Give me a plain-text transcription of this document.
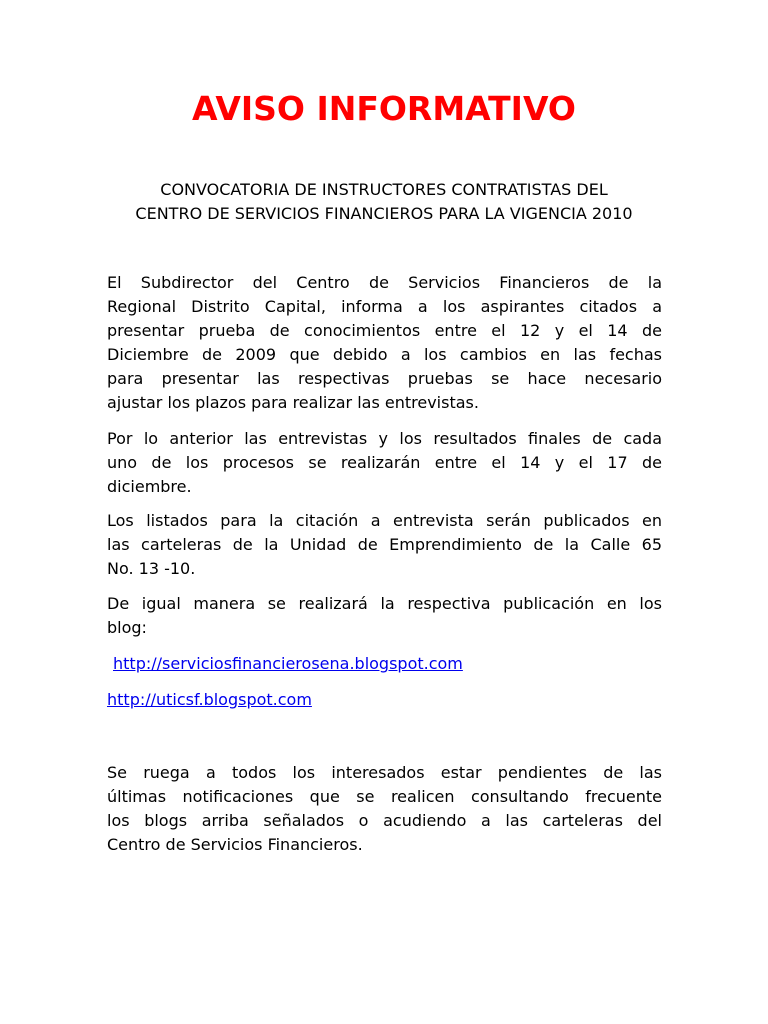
AVISO INFORMATIVO

CONVOCATORIA DE INSTRUCTORES CONTRATISTAS DEL
CENTRO DE SERVICIOS FINANCIEROS PARA LA VIGENCIA 2010

El Subdirector del Centro de Servicios Financieros de la
Regional Distrito Capital, informa a los aspirantes citados a
presentar prueba de conocimientos entre el 12 y el 14 de
Diciembre de 2009 que debido a los cambios en las fechas
para presentar las respectivas pruebas se hace necesario
ajustar los plazos para realizar las entrevistas.

Por lo anterior las entrevistas y los resultados finales de cada
uno de los procesos se realizarán entre el 14 y el 17 de
diciembre.

Los listados para la citación a entrevista serán publicados en
las carteleras de la Unidad de Emprendimiento de la Calle 65
No. 13 -10.

De igual manera se realizará la respectiva publicación en los
blog:

http://serviciosfinancierosena.blogspot.com
http://uticsf.blogspot.com

Se ruega a todos los interesados estar pendientes de las
últimas notificaciones que se realicen consultando frecuente
los blogs arriba señalados o acudiendo a las carteleras del
Centro de Servicios Financieros.
